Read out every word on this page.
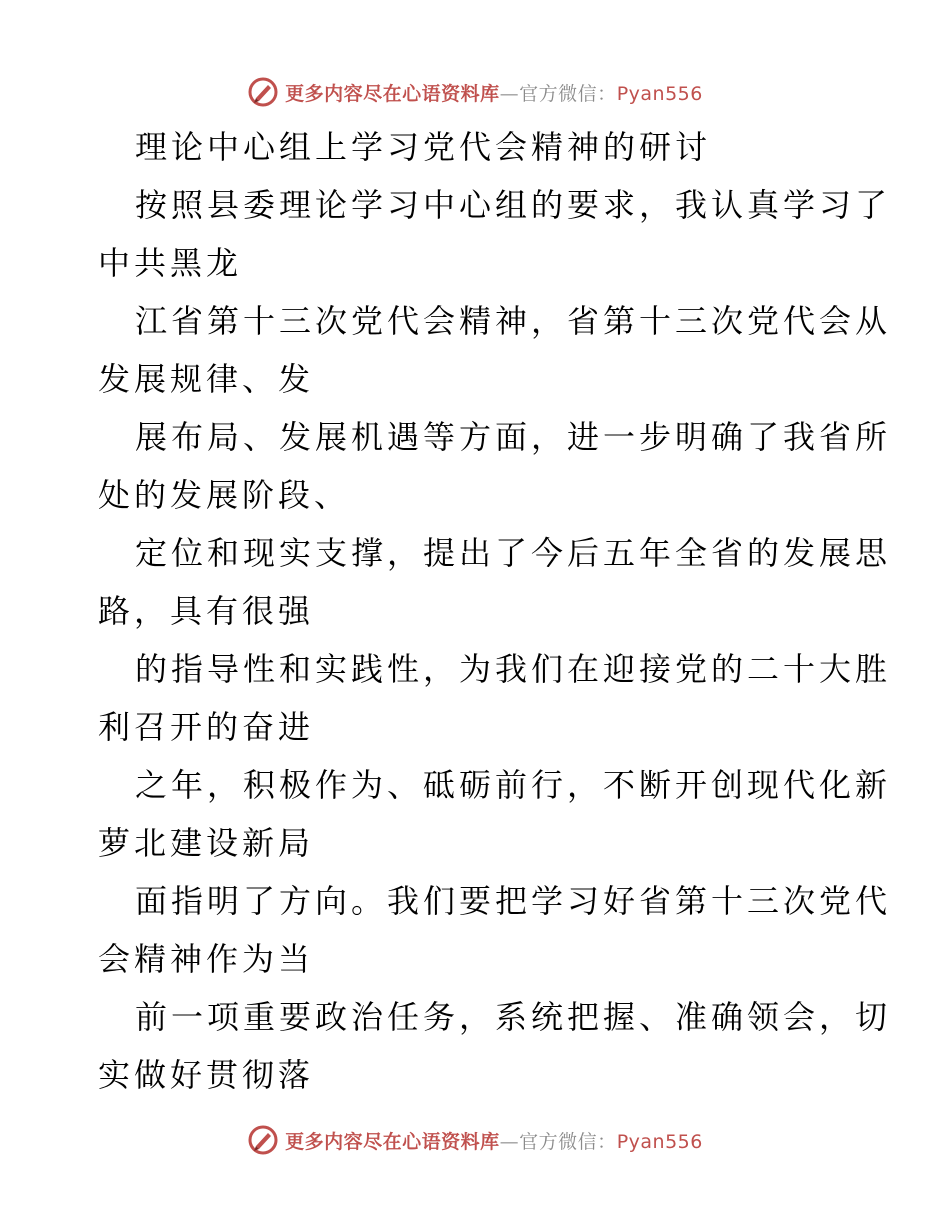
更多内容尽在心语资料库—官方微信：Pyan556
理论中心组上学习党代会精神的研讨
按照县委理论学习中心组的要求，我认真学习了
中共黑龙
江省第十三次党代会精神，省第十三次党代会从
发展规律、发
展布局、发展机遇等方面，进一步明确了我省所
处的发展阶段、
定位和现实支撑，提出了今后五年全省的发展思
路，具有很强
的指导性和实践性，为我们在迎接党的二十大胜
利召开的奋进
之年，积极作为、砥砺前行，不断开创现代化新
萝北建设新局
面指明了方向。我们要把学习好省第十三次党代
会精神作为当
前一项重要政治任务，系统把握、准确领会，切
实做好贯彻落
更多内容尽在心语资料库—官方微信：Pyan556
